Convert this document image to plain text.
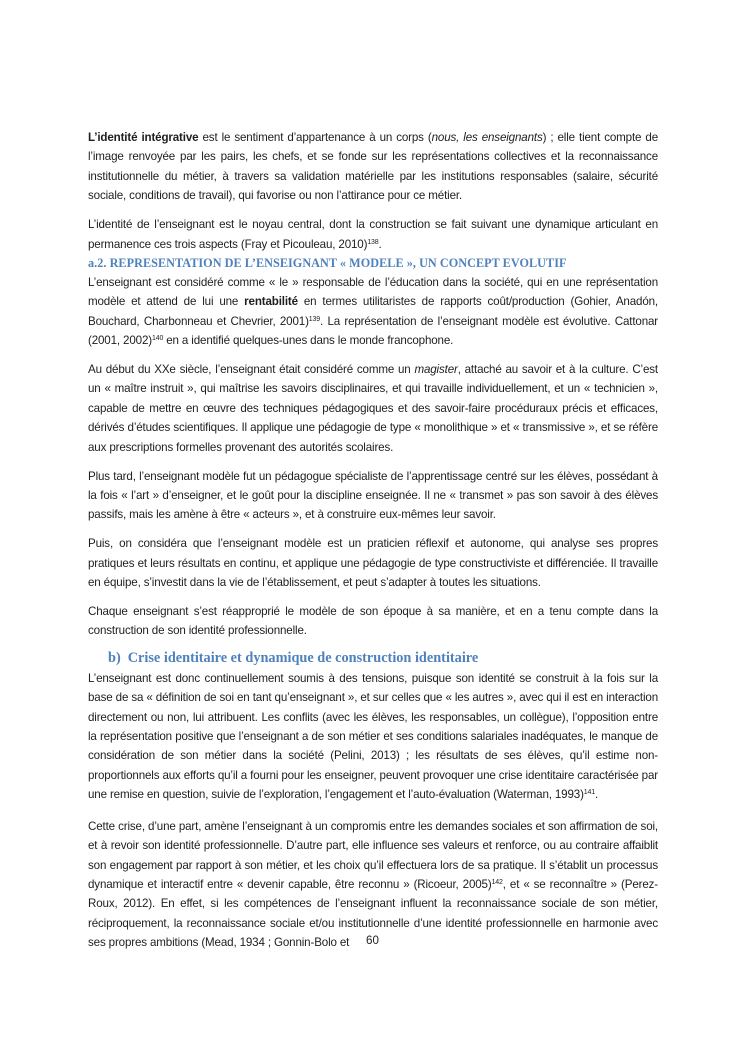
L’identité intégrative est le sentiment d’appartenance à un corps (nous, les enseignants) ; elle tient compte de l’image renvoyée par les pairs, les chefs, et se fonde sur les représentations collectives et la reconnaissance institutionnelle du métier, à travers sa validation matérielle par les institutions responsables (salaire, sécurité sociale, conditions de travail), qui favorise ou non l’attirance pour ce métier.

L’identité de l’enseignant est le noyau central, dont la construction se fait suivant une dynamique articulant en permanence ces trois aspects (Fray et Picouleau, 2010)$^{138}$.

a.2. REPRESENTATION DE L’ENSEIGNANT « MODELE », UN CONCEPT EVOLUTIF

L’enseignant est considéré comme « le » responsable de l’éducation dans la société, qui en une représentation modèle et attend de lui une rentabilité en termes utilitaristes de rapports coût/production (Gohier, Anadón, Bouchard, Charbonneau et Chevrier, 2001)$^{139}$. La représentation de l’enseignant modèle est évolutive. Cattonar (2001, 2002)$^{140}$ en a identifié quelques-unes dans le monde francophone.

Au début du XXe siècle, l’enseignant était considéré comme un magister, attaché au savoir et à la culture. C’est un « maître instruit », qui maîtrise les savoirs disciplinaires, et qui travaille individuellement, et un « technicien », capable de mettre en œuvre des techniques pédagogiques et des savoir-faire procéduraux précis et efficaces, dérivés d’études scientifiques. Il applique une pédagogie de type « monolithique » et « transmissive », et se réfère aux prescriptions formelles provenant des autorités scolaires.

Plus tard, l’enseignant modèle fut un pédagogue spécialiste de l’apprentissage centré sur les élèves, possédant à la fois « l’art » d’enseigner, et le goût pour la discipline enseignée. Il ne « transmet » pas son savoir à des élèves passifs, mais les amène à être « acteurs », et à construire eux-mêmes leur savoir.

Puis, on considéra que l’enseignant modèle est un praticien réflexif et autonome, qui analyse ses propres pratiques et leurs résultats en continu, et applique une pédagogie de type constructiviste et différenciée. Il travaille en équipe, s’investit dans la vie de l’établissement, et peut s’adapter à toutes les situations.

Chaque enseignant s’est réapproprié le modèle de son époque à sa manière, et en a tenu compte dans la construction de son identité professionnelle.

b) Crise identitaire et dynamique de construction identitaire

L’enseignant est donc continuellement soumis à des tensions, puisque son identité se construit à la fois sur la base de sa « définition de soi en tant qu’enseignant », et sur celles que « les autres », avec qui il est en interaction directement ou non, lui attribuent. Les conflits (avec les élèves, les responsables, un collègue), l’opposition entre la représentation positive que l’enseignant a de son métier et ses conditions salariales inadéquates, le manque de considération de son métier dans la société (Pelini, 2013) ; les résultats de ses élèves, qu’il estime non-proportionnels aux efforts qu’il a fourni pour les enseigner, peuvent provoquer une crise identitaire caractérisée par une remise en question, suivie de l’exploration, l’engagement et l’auto-évaluation (Waterman, 1993)$^{141}$.

Cette crise, d’une part, amène l’enseignant à un compromis entre les demandes sociales et son affirmation de soi, et à revoir son identité professionnelle. D’autre part, elle influence ses valeurs et renforce, ou au contraire affaiblit son engagement par rapport à son métier, et les choix qu’il effectuera lors de sa pratique. Il s’établit un processus dynamique et interactif entre « devenir capable, être reconnu » (Ricoeur, 2005)$^{142}$, et « se reconnaître » (Perez-Roux, 2012). En effet, si les compétences de l’enseignant influent la reconnaissance sociale de son métier, réciproquement, la reconnaissance sociale et/ou institutionnelle d’une identité professionnelle en harmonie avec ses propres ambitions (Mead, 1934 ; Gonnin-Bolo et	60
